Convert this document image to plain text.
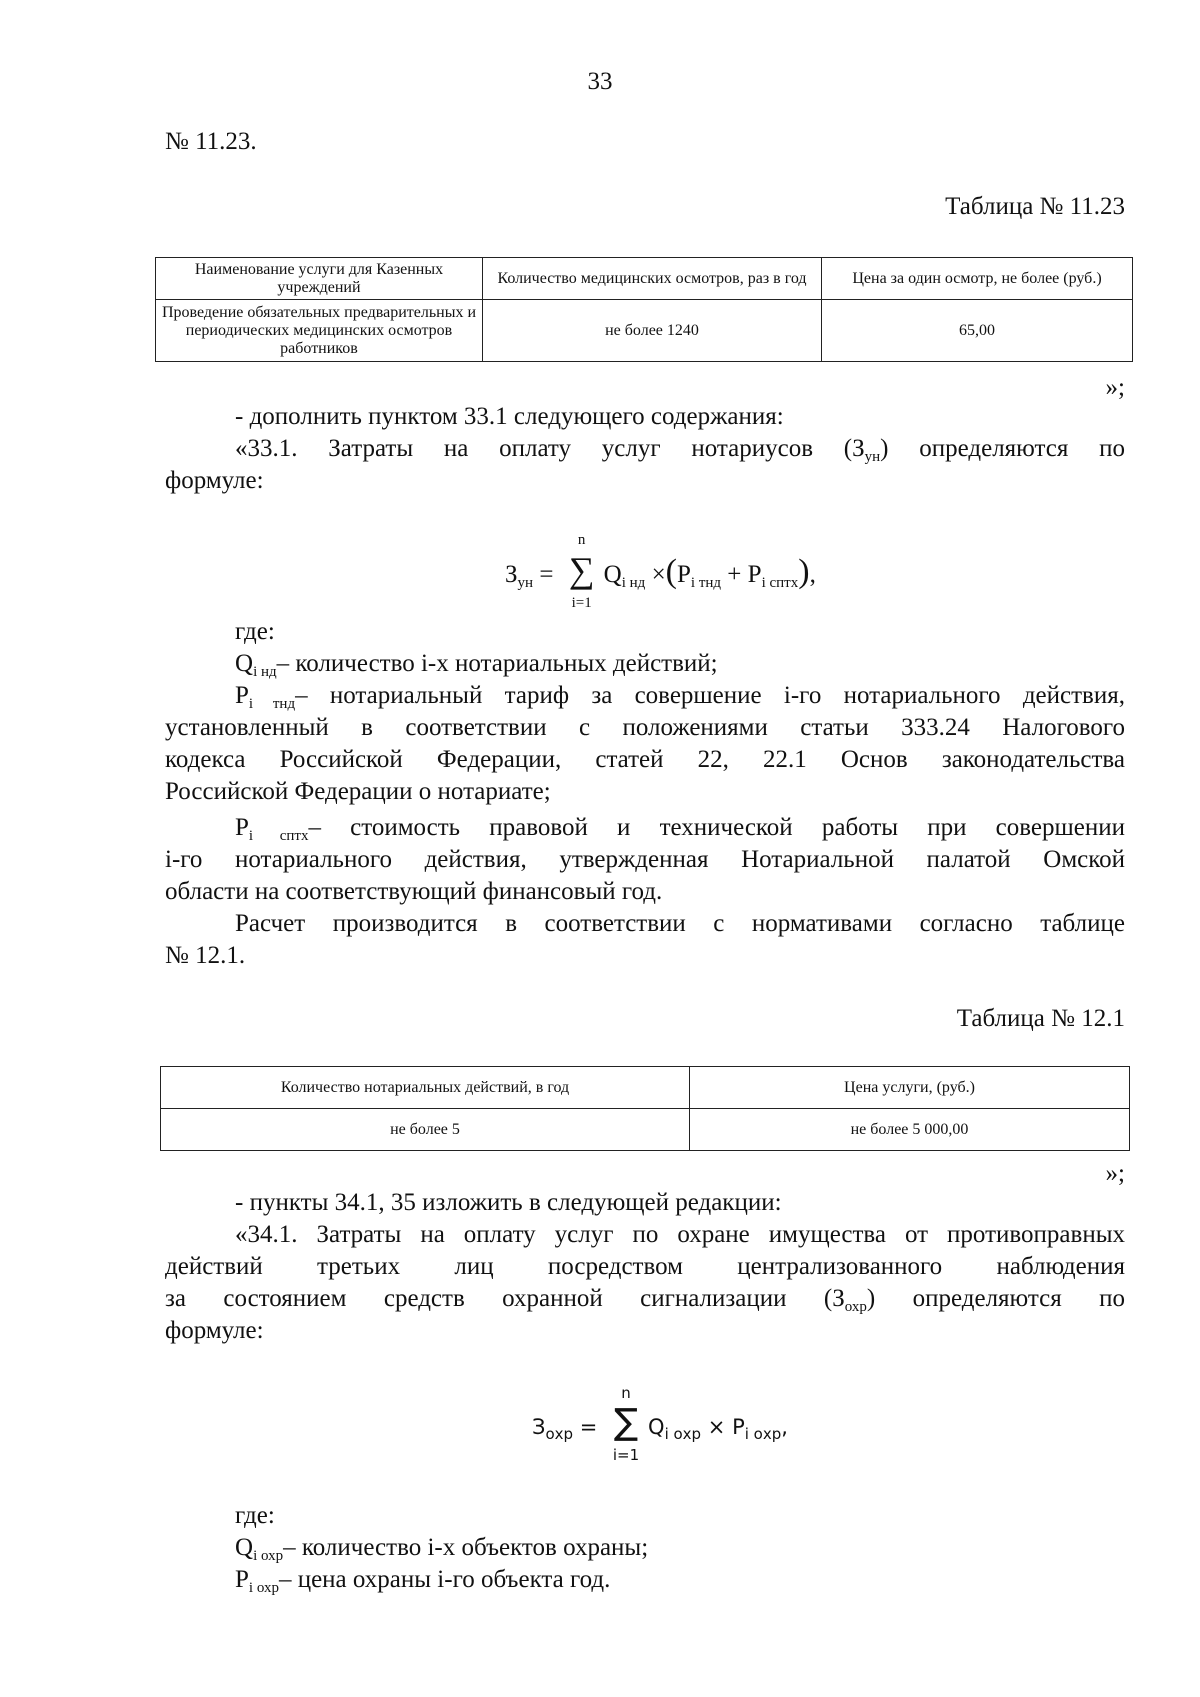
33
№ 11.23.
Таблица № 11.23
Наименование услуги для Казенных учреждений	Количество медицинских осмотров, раз в год	Цена за один осмотр, не более (руб.)
Проведение обязательных предварительных и периодических медицинских осмотров работников	не более 1240	65,00
»;
- дополнить пунктом 33.1 следующего содержания:
«33.1. Затраты на оплату услуг нотариусов $(З_{ун})$ определяются по
формуле:
$З_{ун}$ =
n
∑
i=1
$Q_{i нд} \times(P_{i тнд} + P_{i сптх})$,
где:
$Q_{i нд}-$ количество i-х нотариальных действий;
$P_{i тнд}-$ нотариальный тариф за совершение i-го нотариального действия,
установленный в соответствии с положениями статьи 333.24 Налогового
кодекса Российской Федерации, статей 22, 22.1 Основ законодательства
Российской Федерации о нотариате;
$P_{i сптх}-$ стоимость правовой и технической работы при совершении
i-го нотариального действия, утвержденная Нотариальной палатой Омской
области на соответствующий финансовый год.
Расчет производится в соответствии с нормативами согласно таблице
№ 12.1.
Таблица № 12.1
Количество нотариальных действий, в год	Цена услуги, (руб.)
не более 5	не более 5 000,00
»;
- пункты 34.1, 35 изложить в следующей редакции:
«34.1. Затраты на оплату услуг по охране имущества от противоправных
действий третьих лиц посредством централизованного наблюдения
за состоянием средств охранной сигнализации $(З_{охр})$ определяются по
формуле:
$З_{охр}$ =
n
∑
i=1
$Q_{i охр} \times P_{i охр}$,
где:
$Q_{i охр}-$ количество i-х объектов охраны;
$P_{i охр}-$ цена охраны i-го объекта год.
